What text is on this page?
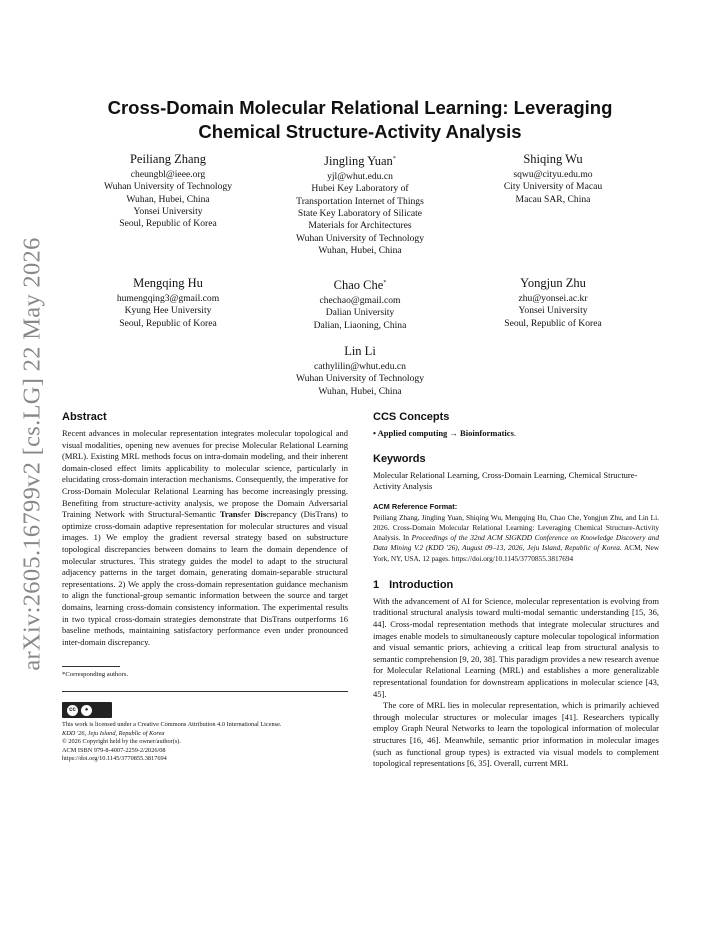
arXiv:2605.16799v2 [cs.LG] 22 May 2026
Cross-Domain Molecular Relational Learning: Leveraging Chemical Structure-Activity Analysis
Peiliang Zhang
cheungbl@ieee.org
Wuhan University of Technology
Wuhan, Hubei, China
Yonsei University
Seoul, Republic of Korea
Jingling Yuan*
yjl@whut.edu.cn
Hubei Key Laboratory of
Transportation Internet of Things
State Key Laboratory of Silicate
Materials for Architectures
Wuhan University of Technology
Wuhan, Hubei, China
Shiqing Wu
sqwu@cityu.edu.mo
City University of Macau
Macau SAR, China
Mengqing Hu
humengqing3@gmail.com
Kyung Hee University
Seoul, Republic of Korea
Chao Che*
chechao@gmail.com
Dalian University
Dalian, Liaoning, China
Yongjun Zhu
zhu@yonsei.ac.kr
Yonsei University
Seoul, Republic of Korea
Lin Li
cathylilin@whut.edu.cn
Wuhan University of Technology
Wuhan, Hubei, China
Abstract

Recent advances in molecular representation integrates molecular topological and visual modalities, opening new avenues for precise Molecular Relational Learning (MRL). Existing MRL methods focus on intra-domain modeling, and their inherent domain-closed effect limits applicability to molecular science, particularly in elucidating cross-domain interaction mechanisms. Consequently, the imperative for Cross-Domain Molecular Relational Learning has become increasingly pressing. Benefiting from structure-activity analysis, we propose the Domain Adversarial Training Network with Structural-Semantic Transfer Discrepancy (DisTrans) to optimize cross-domain adaptive representation for molecular structures and visual images. 1) We employ the gradient reversal strategy based on substructure topological discrepancies between domains to learn the domain dependence of molecular structures. This strategy guides the model to adapt to the structural adjacency patterns in the target domain, generating domain-separable structural representations. 2) We apply the cross-domain representation guidance mechanism to align the functional-group semantic information between the source and target domains, learning cross-domain consistency information. The experimental results in two typical cross-domain strategies demonstrate that DisTrans outperforms 16 baseline methods, maintaining satisfactory performance even under pronounced inter-domain discrepancy.

*Corresponding authors.

cc	●

This work is licensed under a Creative Commons Attribution 4.0 International License.

KDD '26, Jeju Island, Republic of Korea

© 2026 Copyright held by the owner/author(s).

ACM ISBN 979-8-4007-2259-2/2026/08

https://doi.org/10.1145/3770855.3817694

CCS Concepts

• Applied computing → Bioinformatics.

Keywords

Molecular Relational Learning, Cross-Domain Learning, Chemical Structure-Activity Analysis

ACM Reference Format:

Peiliang Zhang, Jingling Yuan, Shiqing Wu, Mengqing Hu, Chao Che, Yongjun Zhu, and Lin Li. 2026. Cross-Domain Molecular Relational Learning: Leveraging Chemical Structure-Activity Analysis. In Proceedings of the 32nd ACM SIGKDD Conference on Knowledge Discovery and Data Mining V.2 (KDD '26), August 09–13, 2026, Jeju Island, Republic of Korea. ACM, New York, NY, USA, 12 pages. https://doi.org/10.1145/3770855.3817694

1 Introduction

With the advancement of AI for Science, molecular representation is evolving from traditional structural analysis toward multi-modal semantic understanding [15, 36, 44]. Cross-modal representation methods that integrate molecular structures and images enable models to simultaneously capture molecular topological information and visual semantic priors, achieving a critical leap from structural analysis to semantic comprehension [9, 20, 38]. This paradigm provides a new research avenue for Molecular Relational Learning (MRL) and establishes a more generalizable representational foundation for downstream applications in molecular science [43, 45].

The core of MRL lies in molecular representation, which is primarily achieved through molecular structures or molecular images [41]. Researchers typically employ Graph Neural Networks to learn the topological information of molecular structures [16, 46]. Meanwhile, semantic prior information in molecular images (such as functional group types) is extracted via visual models to complement topological representations [6, 35]. Overall, current MRL
